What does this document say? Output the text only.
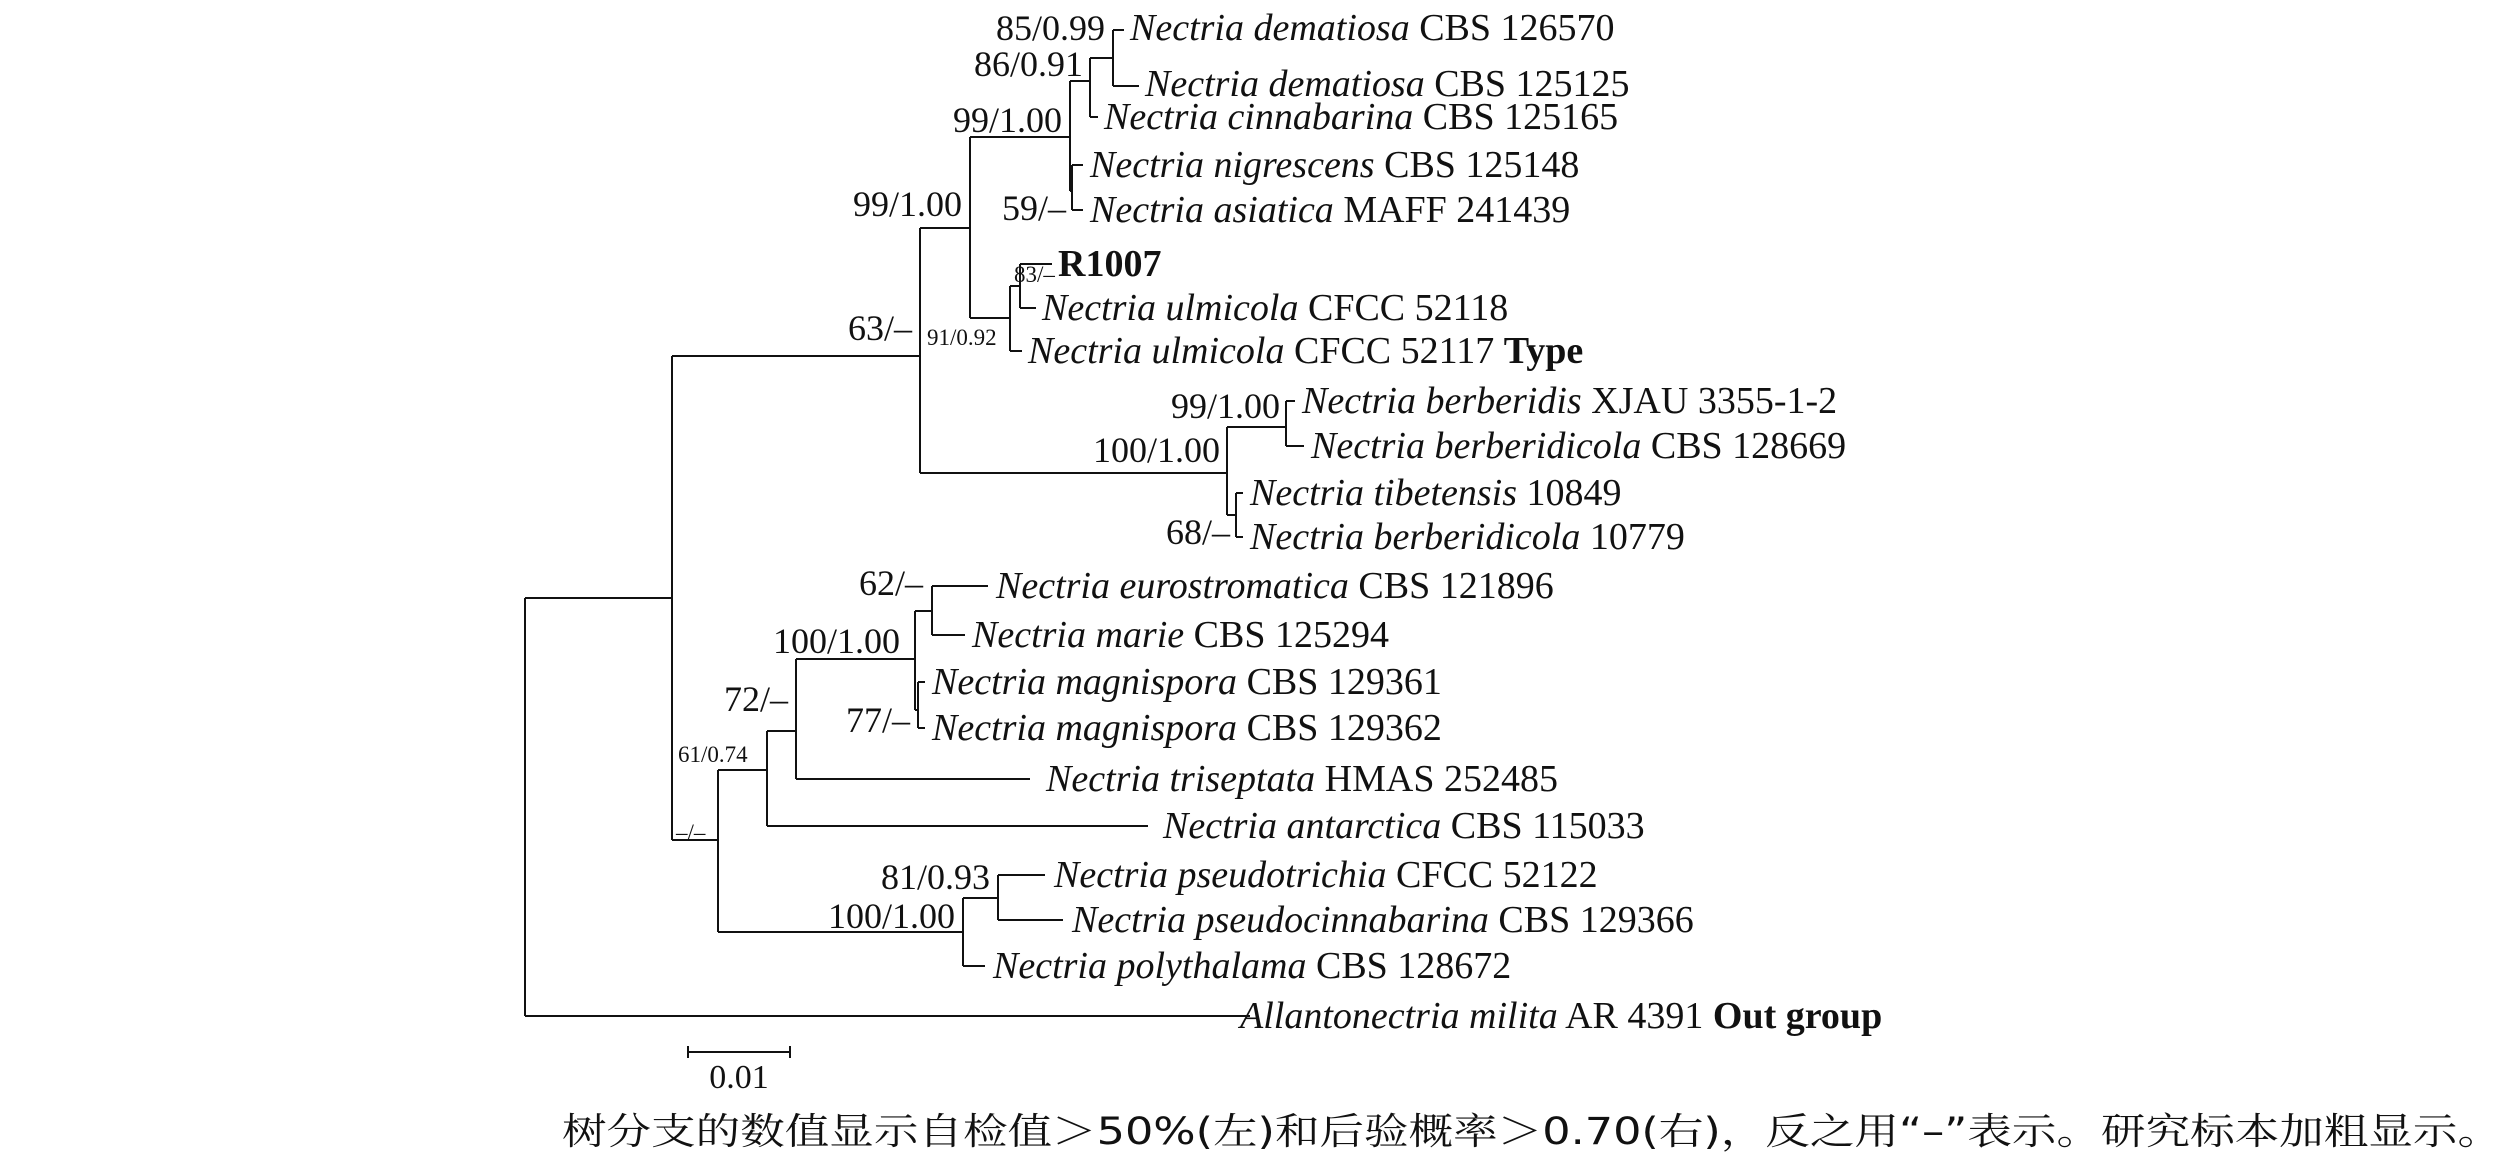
Nectria dematiosa CBS 126570
Nectria dematiosa CBS 125125
Nectria cinnabarina CBS 125165
Nectria nigrescens CBS 125148
Nectria asiatica MAFF 241439
R1007
Nectria ulmicola CFCC 52118
Nectria ulmicola CFCC 52117 Type
Nectria berberidis XJAU 3355-1-2
Nectria berberidicola CBS 128669
Nectria tibetensis 10849
Nectria berberidicola 10779
Nectria eurostromatica CBS 121896
Nectria marie CBS 125294
Nectria magnispora CBS 129361
Nectria magnispora CBS 129362
Nectria triseptata HMAS 252485
Nectria antarctica CBS 115033
Nectria pseudotrichia CFCC 52122
Nectria pseudocinnabarina CBS 129366
Nectria polythalama CBS 128672
Allantonectria milita AR 4391 Out group
85/0.99
86/0.91
99/1.00
59/–
99/1.00
83/–
91/0.92
63/–
99/1.00
100/1.00
68/–
62/–
100/1.00
77/–
72/–
61/0.74
–/–
81/0.93
100/1.00
0.01
树分支的数值显示自检值＞50%(左)和后验概率＞0.70(右)，反之用“–”表示。研究标本加粗显示。
